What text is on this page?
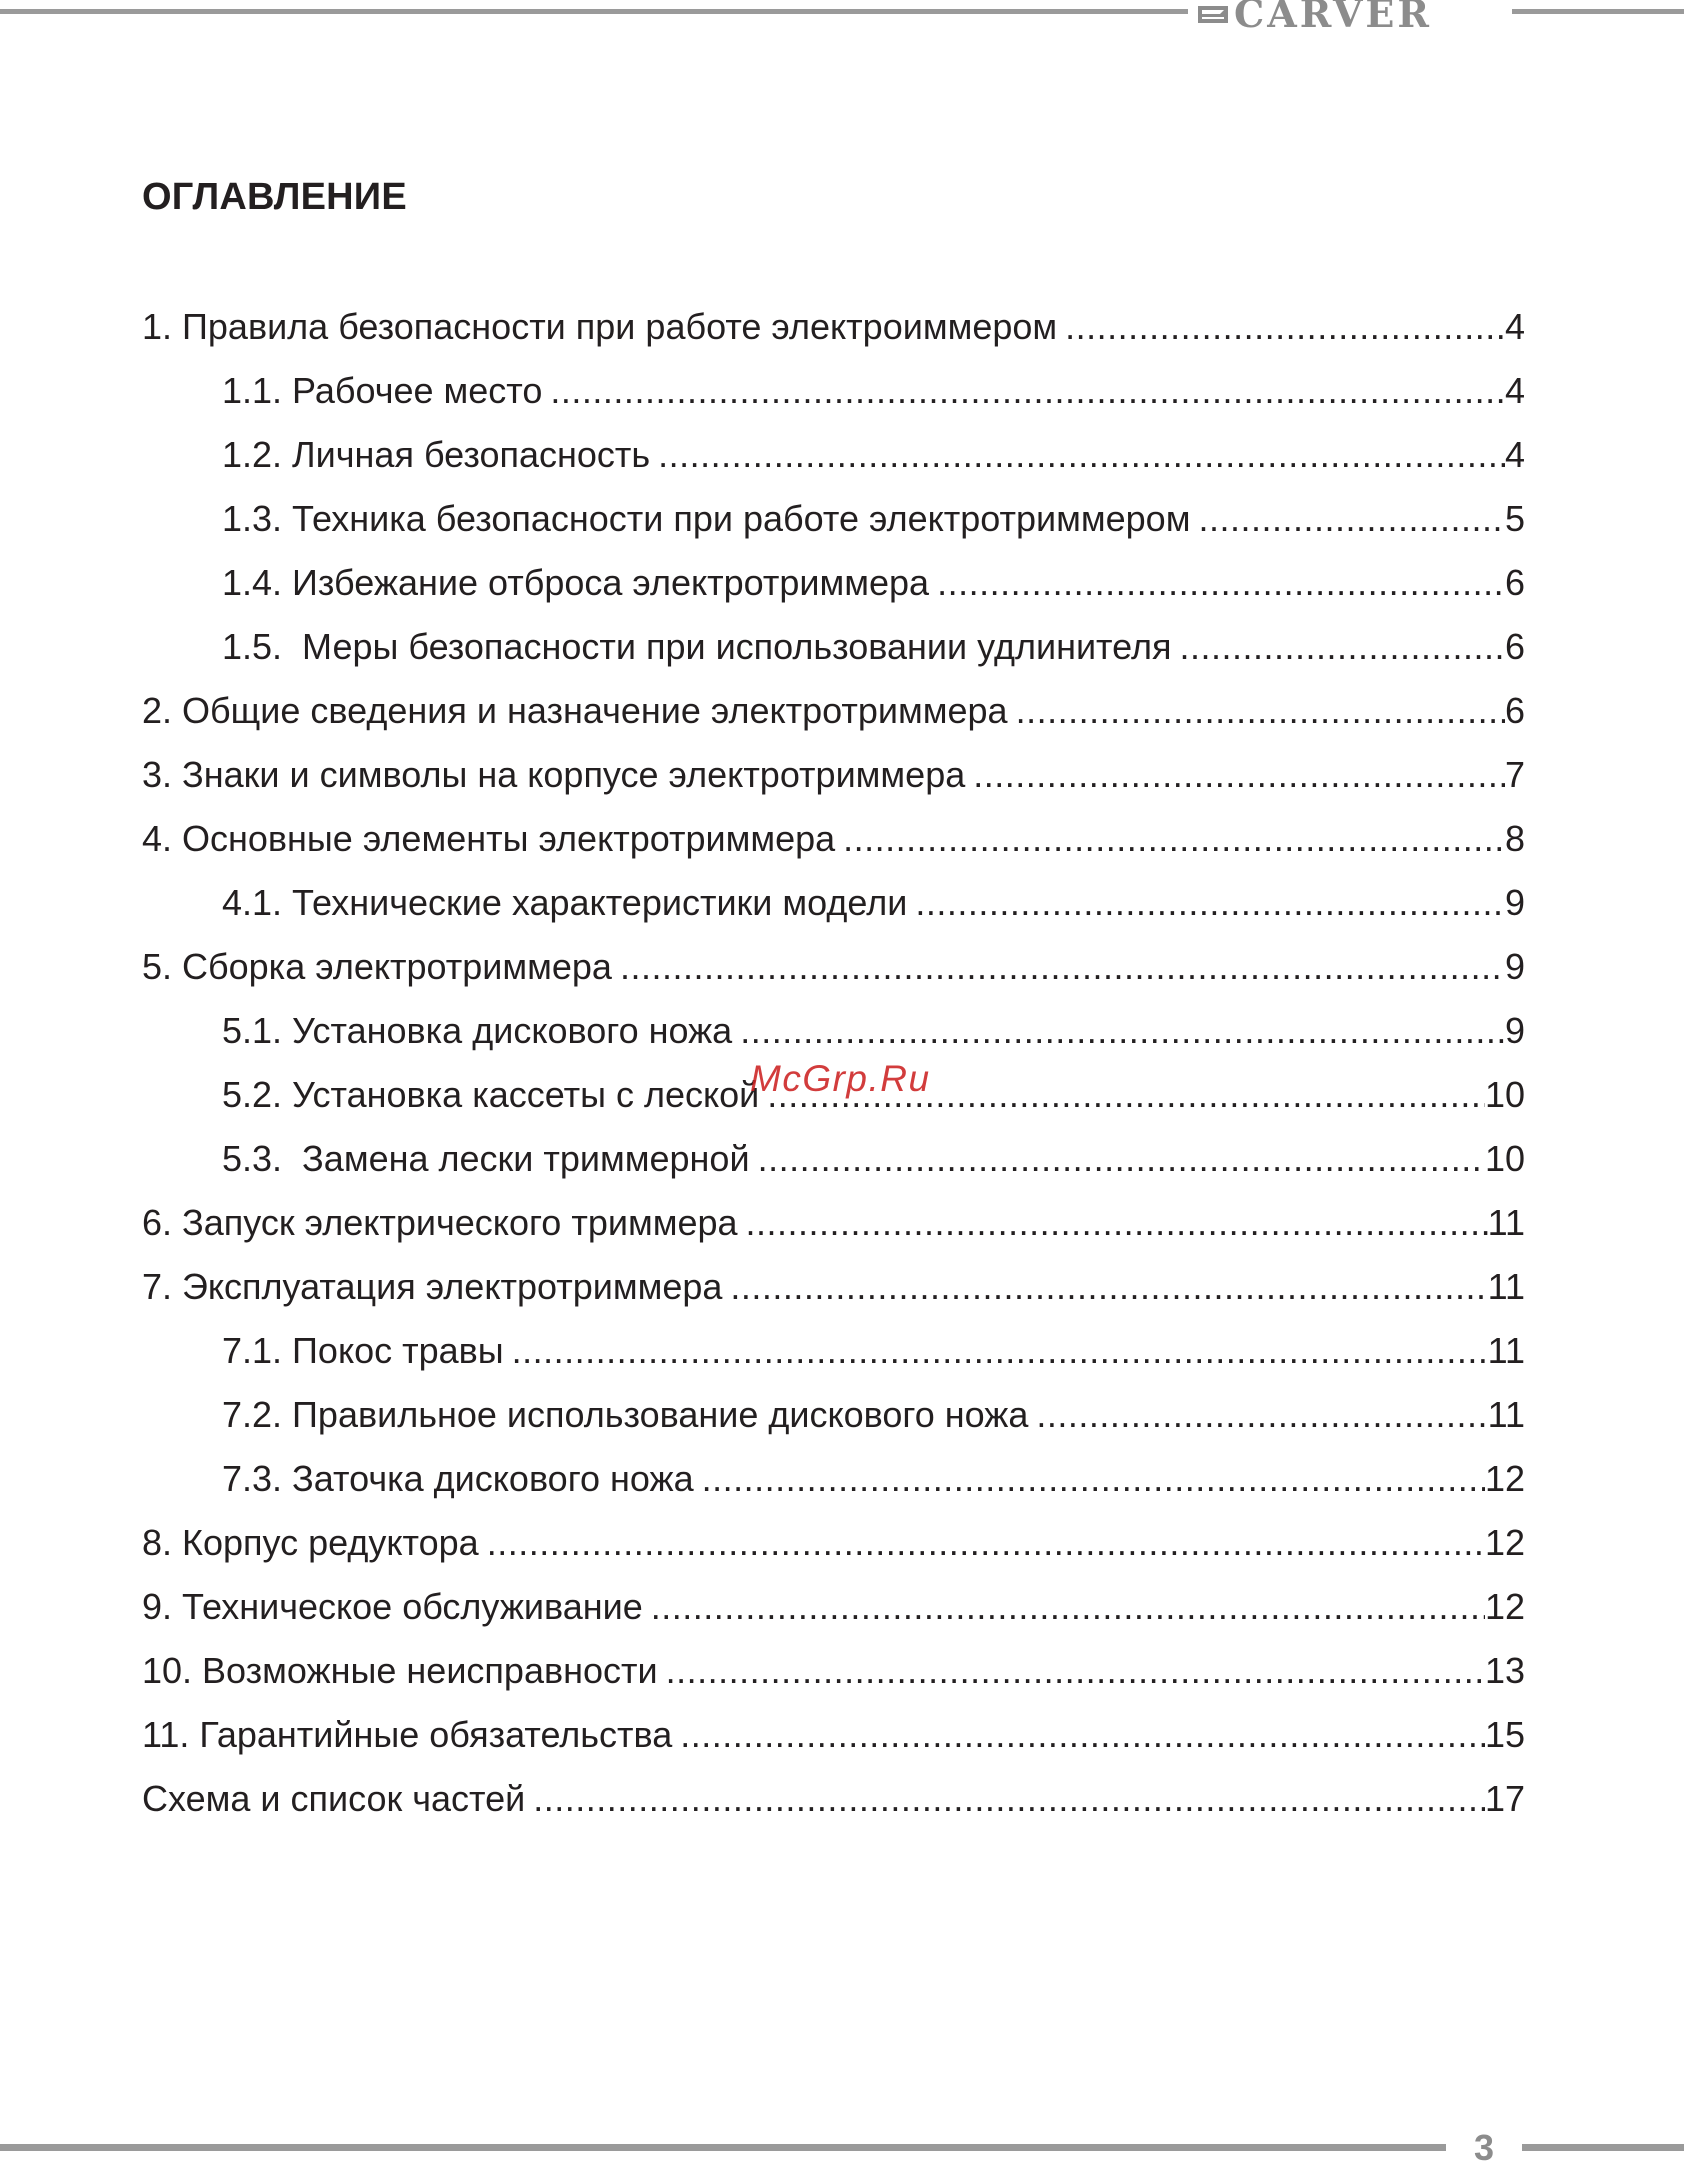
CARVER
ОГЛАВЛЕНИЕ
1. Правила безопасности при работе электроиммером .....	4
1.1. Рабочее место .....	4
1.2. Личная безопасность .....	4
1.3. Техника безопасности при работе электротриммером .....	5
1.4. Избежание отброса электротриммера .....	6
1.5.  Меры безопасности при использовании удлинителя .....	6
2. Общие сведения и назначение электротриммера .....	6
3. Знаки и символы на корпусе электротриммера .....	7
4. Основные элементы электротриммера .....	8
4.1. Технические характеристики модели .....	9
5. Сборка электротриммера .....	9
5.1. Установка дискового ножа .....	9
5.2. Установка кассеты с леской .....	10
5.3.  Замена лески триммерной .....	10
6. Запуск электрического триммера .....	11
7. Эксплуатация электротриммера .....	11
7.1. Покос травы .....	11
7.2. Правильное использование дискового ножа .....	11
7.3. Заточка дискового ножа .....	12
8. Корпус редуктора .....	12
9. Техническое обслуживание .....	12
10. Возможные неисправности .....	13
11. Гарантийные обязательства .....	15
Схема и список частей .....	17
McGrp.Ru
3
